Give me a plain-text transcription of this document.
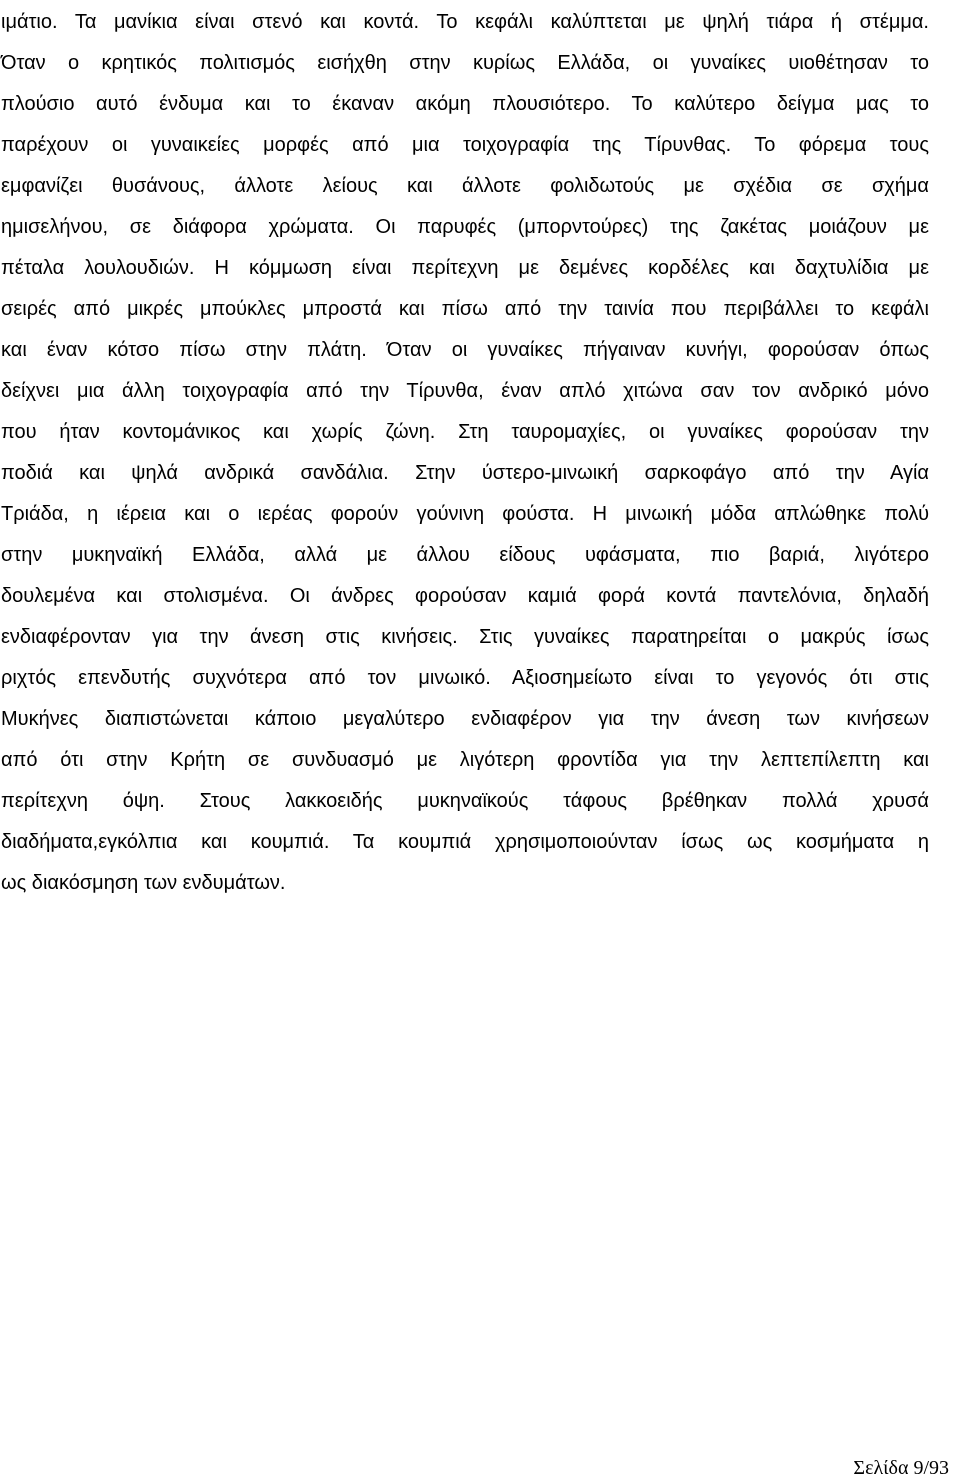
ιμάτιο. Τα μανίκια είναι στενό και κοντά. Το κεφάλι καλύπτεται με ψηλή τιάρα ή στέμμα.
Όταν ο κρητικός πολιτισμός εισήχθη στην κυρίως Ελλάδα, οι γυναίκες υιοθέτησαν το
πλούσιο αυτό ένδυμα και το έκαναν ακόμη πλουσιότερο. Το καλύτερο δείγμα μας το
παρέχουν οι γυναικείες μορφές από μια τοιχογραφία της Τίρυνθας. Το φόρεμα τους
εμφανίζει θυσάνους, άλλοτε λείους και άλλοτε φολιδωτούς με σχέδια σε σχήμα
ημισελήνου, σε διάφορα χρώματα. Οι παρυφές (μπορντούρες) της ζακέτας μοιάζουν με
πέταλα λουλουδιών. Η κόμμωση είναι περίτεχνη με δεμένες κορδέλες και δαχτυλίδια με
σειρές από μικρές μπούκλες μπροστά και πίσω από την ταινία που περιβάλλει το κεφάλι
και έναν κότσο πίσω στην πλάτη. Όταν οι γυναίκες πήγαιναν κυνήγι, φορούσαν όπως
δείχνει μια άλλη τοιχογραφία από την Τίρυνθα, έναν απλό χιτώνα σαν τον ανδρικό μόνο
που ήταν κοντομάνικος και χωρίς ζώνη. Στη ταυρομαχίες, οι γυναίκες φορούσαν την
ποδιά και ψηλά ανδρικά σανδάλια. Στην ύστερο-μινωική σαρκοφάγο από την Αγία
Τριάδα, η ιέρεια και ο ιερέας φορούν γούνινη φούστα. Η μινωική μόδα απλώθηκε πολύ
στην μυκηναϊκή Ελλάδα, αλλά με άλλου είδους υφάσματα, πιο βαριά, λιγότερο
δουλεμένα και στολισμένα. Οι άνδρες φορούσαν καμιά φορά κοντά παντελόνια, δηλαδή
ενδιαφέρονταν για την άνεση στις κινήσεις. Στις γυναίκες παρατηρείται ο μακρύς ίσως
ριχτός επενδυτής συχνότερα από τον μινωικό. Αξιοσημείωτο είναι το γεγονός ότι στις
Μυκήνες διαπιστώνεται κάποιο μεγαλύτερο ενδιαφέρον για την άνεση των κινήσεων
από ότι στην Κρήτη σε συνδυασμό με λιγότερη φροντίδα για την λεπτεπίλεπτη και
περίτεχνη όψη. Στους λακκοειδής μυκηναϊκούς τάφους βρέθηκαν πολλά χρυσά
διαδήματα,εγκόλπια και κουμπιά. Τα κουμπιά χρησιμοποιούνταν ίσως ως κοσμήματα η
ως διακόσμηση των ενδυμάτων.
Σελίδα 9/93
